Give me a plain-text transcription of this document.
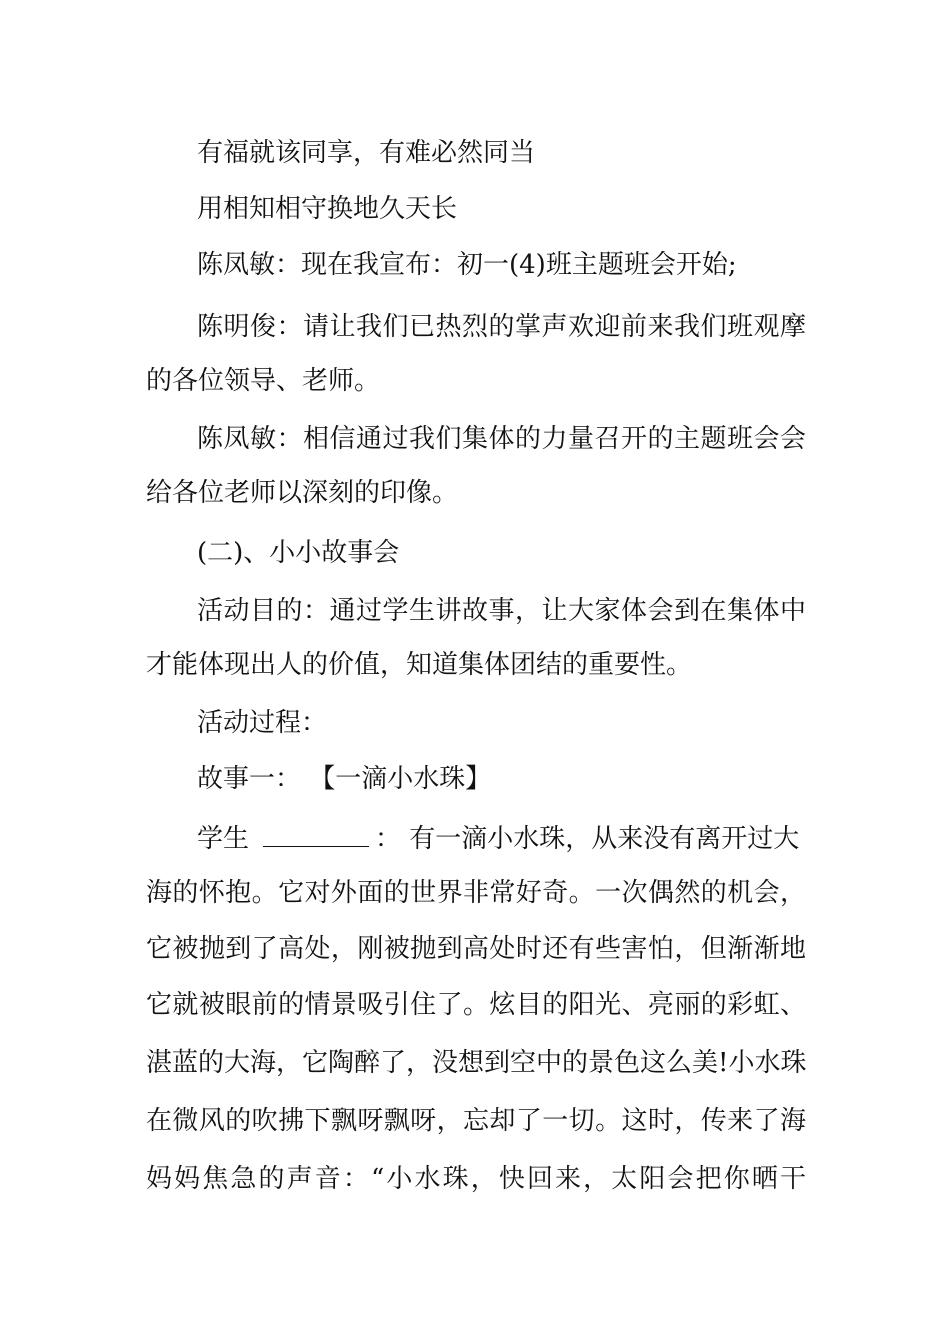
有福就该同享，有难必然同当
用相知相守换地久天长
陈凤敏：现在我宣布：初一(4)班主题班会开始;
陈明俊：请让我们已热烈的掌声欢迎前来我们班观摩
的各位领导、老师。
陈凤敏：相信通过我们集体的力量召开的主题班会会
给各位老师以深刻的印像。
(二)、小小故事会
活动目的：通过学生讲故事，让大家体会到在集体中
才能体现出人的价值，知道集体团结的重要性。
活动过程：
故事一： 【一滴小水珠】
学生	： 有一滴小水珠，从来没有离开过大
海的怀抱。它对外面的世界非常好奇。一次偶然的机会，
它被抛到了高处，刚被抛到高处时还有些害怕，但渐渐地
它就被眼前的情景吸引住了。炫目的阳光、亮丽的彩虹、
湛蓝的大海，它陶醉了，没想到空中的景色这么美!小水珠
在微风的吹拂下飘呀飘呀，忘却了一切。这时，传来了海
妈妈焦急的声音：“小水珠，快回来，太阳会把你晒干
